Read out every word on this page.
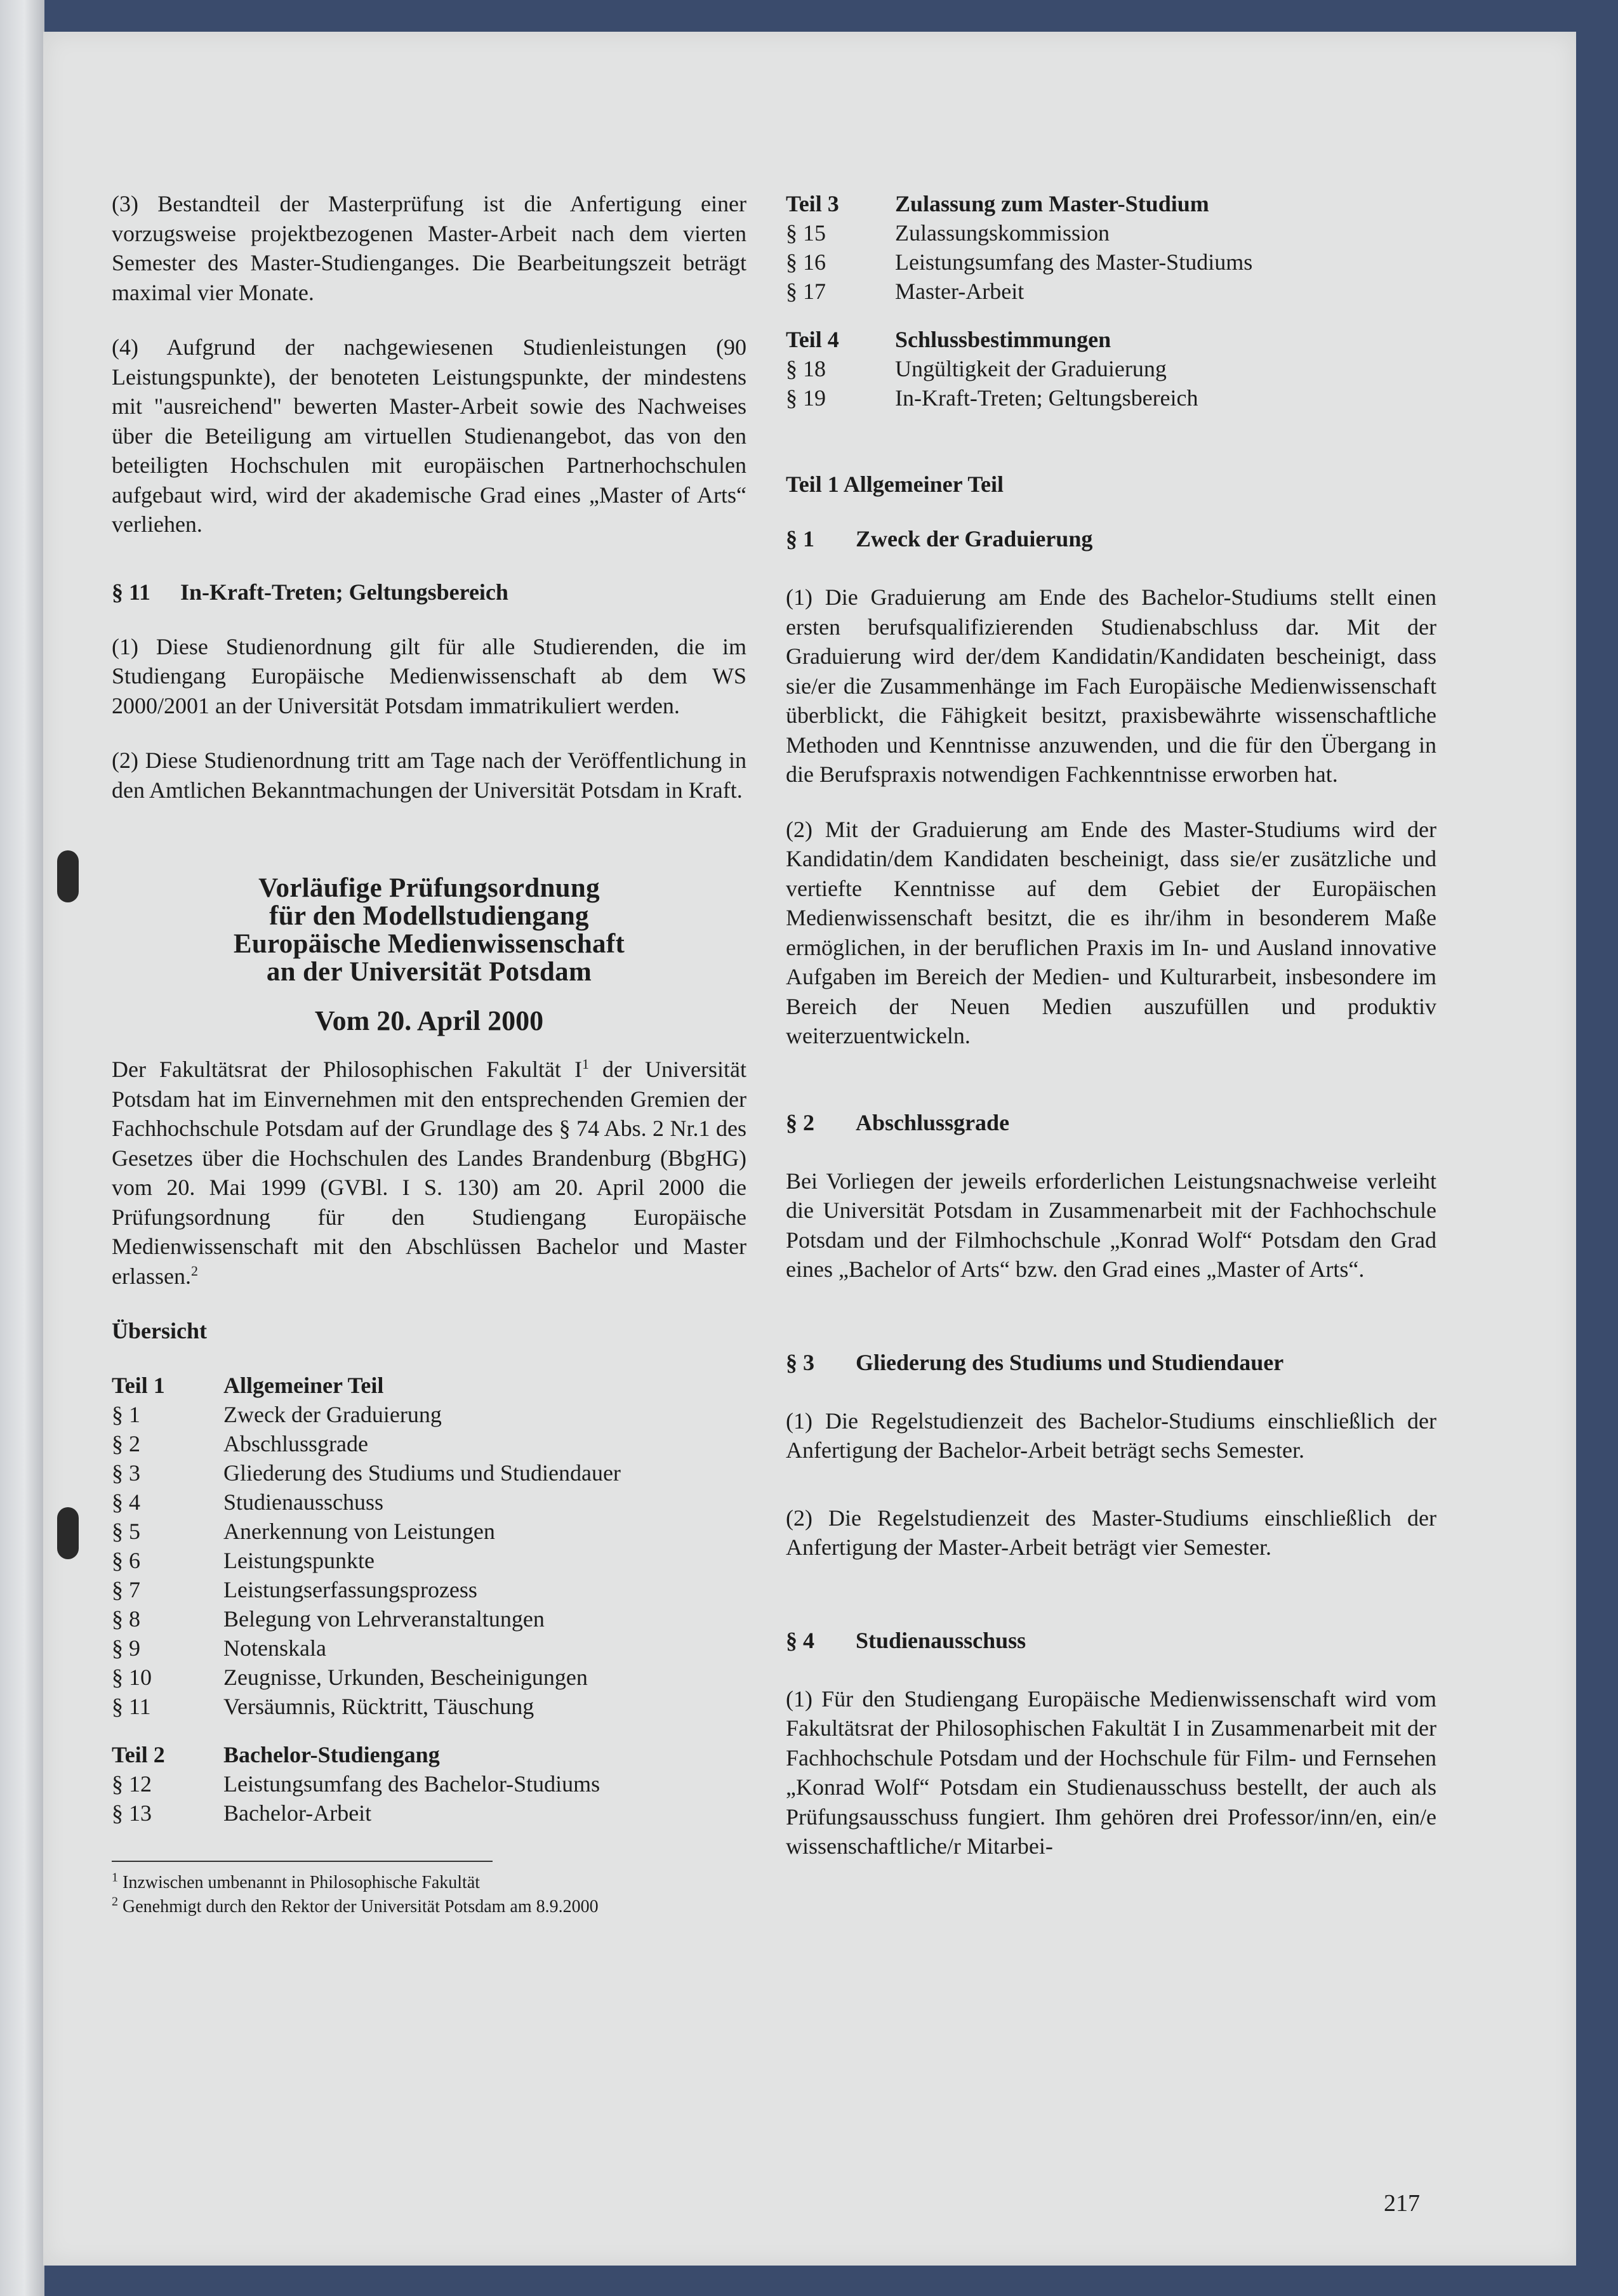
(3) Bestandteil der Masterprüfung ist die Anfertigung einer vorzugsweise projektbezogenen Master-Arbeit nach dem vierten Semester des Master-Studienganges. Die Bearbeitungszeit beträgt maximal vier Monate.

(4) Aufgrund der nachgewiesenen Studienleistungen (90 Leistungspunkte), der benoteten Leistungspunkte, der mindestens mit "ausreichend" bewerten Master-Arbeit sowie des Nachweises über die Beteiligung am virtuellen Studienangebot, das von den beteiligten Hochschulen mit europäischen Partnerhochschulen aufgebaut wird, wird der akademische Grad eines „Master of Arts“ verliehen.

§ 11 In-Kraft-Treten; Geltungsbereich

(1) Diese Studienordnung gilt für alle Studierenden, die im Studiengang Europäische Medienwissenschaft ab dem WS 2000/2001 an der Universität Potsdam immatrikuliert werden.

(2) Diese Studienordnung tritt am Tage nach der Veröffentlichung in den Amtlichen Bekanntmachungen der Universität Potsdam in Kraft.

Vorläufige Prüfungsordnung
für den Modellstudiengang
Europäische Medienwissenschaft
an der Universität Potsdam
Vom 20. April 2000

Der Fakultätsrat der Philosophischen Fakultät $I^1$ der Universität Potsdam hat im Einvernehmen mit den entsprechenden Gremien der Fachhochschule Potsdam auf der Grundlage des § 74 Abs. 2 Nr.1 des Gesetzes über die Hochschulen des Landes Brandenburg (BbgHG) vom 20. Mai 1999 (GVBl. I S. 130) am 20. April 2000 die Prüfungsordnung für den Studiengang Europäische Medienwissenschaft mit den Abschlüssen Bachelor und Master erlassen.$^2$

Übersicht
Teil 1	Allgemeiner Teil
§ 1	Zweck der Graduierung
§ 2	Abschlussgrade
§ 3	Gliederung des Studiums und Studiendauer
§ 4	Studienausschuss
§ 5	Anerkennung von Leistungen
§ 6	Leistungspunkte
§ 7	Leistungserfassungsprozess
§ 8	Belegung von Lehrveranstaltungen
§ 9	Notenskala
§ 10	Zeugnisse, Urkunden, Bescheinigungen
§ 11	Versäumnis, Rücktritt, Täuschung
Teil 2	Bachelor-Studiengang
§ 12	Leistungsumfang des Bachelor-Studiums
§ 13	Bachelor-Arbeit
$^1$ Inzwischen umbenannt in Philosophische Fakultät
$^2$ Genehmigt durch den Rektor der Universität Potsdam am 8.9.2000
Teil 3	Zulassung zum Master-Studium
§ 15	Zulassungskommission
§ 16	Leistungsumfang des Master-Studiums
§ 17	Master-Arbeit
Teil 4	Schlussbestimmungen
§ 18	Ungültigkeit der Graduierung
§ 19	In-Kraft-Treten; Geltungsbereich
Teil 1 Allgemeiner Teil
§ 1 Zweck der Graduierung

(1) Die Graduierung am Ende des Bachelor-Studiums stellt einen ersten berufsqualifizierenden Studienabschluss dar. Mit der Graduierung wird der/dem Kandidatin/Kandidaten bescheinigt, dass sie/er die Zusammenhänge im Fach Europäische Medienwissenschaft überblickt, die Fähigkeit besitzt, praxisbewährte wissenschaftliche Methoden und Kenntnisse anzuwenden, und die für den Übergang in die Berufspraxis notwendigen Fachkenntnisse erworben hat.

(2) Mit der Graduierung am Ende des Master-Studiums wird der Kandidatin/dem Kandidaten bescheinigt, dass sie/er zusätzliche und vertiefte Kenntnisse auf dem Gebiet der Europäischen Medienwissenschaft besitzt, die es ihr/ihm in besonderem Maße ermöglichen, in der beruflichen Praxis im In- und Ausland innovative Aufgaben im Bereich der Medien- und Kulturarbeit, insbesondere im Bereich der Neuen Medien auszufüllen und produktiv weiterzuentwickeln.

§ 2 Abschlussgrade

Bei Vorliegen der jeweils erforderlichen Leistungsnachweise verleiht die Universität Potsdam in Zusammenarbeit mit der Fachhochschule Potsdam und der Filmhochschule „Konrad Wolf“ Potsdam den Grad eines „Bachelor of Arts“ bzw. den Grad eines „Master of Arts“.

§ 3 Gliederung des Studiums und Studiendauer

(1) Die Regelstudienzeit des Bachelor-Studiums einschließlich der Anfertigung der Bachelor-Arbeit beträgt sechs Semester.

(2) Die Regelstudienzeit des Master-Studiums einschließlich der Anfertigung der Master-Arbeit beträgt vier Semester.

§ 4 Studienausschuss

(1) Für den Studiengang Europäische Medienwissenschaft wird vom Fakultätsrat der Philosophischen Fakultät I in Zusammenarbeit mit der Fachhochschule Potsdam und der Hochschule für Film- und Fernsehen „Konrad Wolf“ Potsdam ein Studienausschuss bestellt, der auch als Prüfungsausschuss fungiert. Ihm gehören drei Professor/inn/en, ein/e wissenschaftliche/r Mitarbei-

217
